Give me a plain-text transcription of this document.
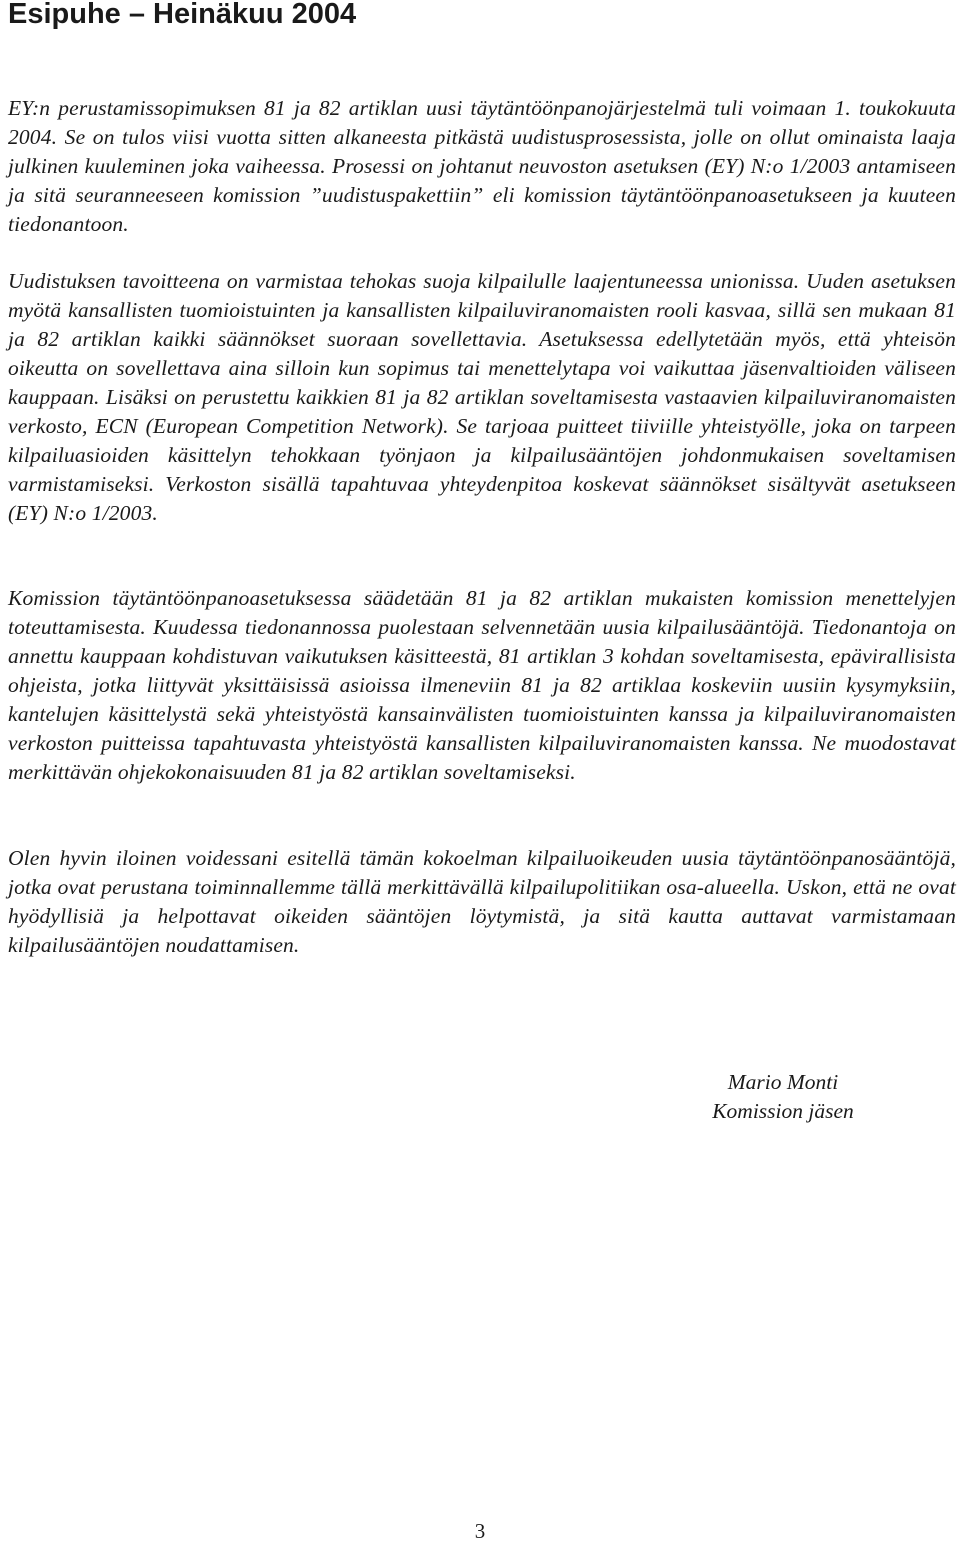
Esipuhe – Heinäkuu 2004

EY:n perustamissopimuksen 81 ja 82 artiklan uusi täytäntöönpanojärjestelmä tuli voimaan 1. toukokuuta 2004. Se on tulos viisi vuotta sitten alkaneesta pitkästä uudistusprosessista, jolle on ollut ominaista laaja julkinen kuuleminen joka vaiheessa. Prosessi on johtanut neuvoston asetuksen (EY) N:o 1/2003 antamiseen ja sitä seuranneeseen komission ”uudistuspakettiin” eli komission täytäntöönpanoasetukseen ja kuuteen tiedonantoon.

Uudistuksen tavoitteena on varmistaa tehokas suoja kilpailulle laajentuneessa unionissa. Uuden asetuksen myötä kansallisten tuomioistuinten ja kansallisten kilpailuviranomaisten rooli kasvaa, sillä sen mukaan 81 ja 82 artiklan kaikki säännökset suoraan sovellettavia. Asetuksessa edellytetään myös, että yhteisön oikeutta on sovellettava aina silloin kun sopimus tai menettelytapa voi vaikuttaa jäsenvaltioiden väliseen kauppaan. Lisäksi on perustettu kaikkien 81 ja 82 artiklan soveltamisesta vastaavien kilpailuviranomaisten verkosto, ECN (European Competition Network). Se tarjoaa puitteet tiiviille yhteistyölle, joka on tarpeen kilpailuasioiden käsittelyn tehokkaan työnjaon ja kilpailusääntöjen johdonmukaisen soveltamisen varmistamiseksi. Verkoston sisällä tapahtuvaa yhteydenpitoa koskevat säännökset sisältyvät asetukseen (EY) N:o 1/2003.

Komission täytäntöönpanoasetuksessa säädetään 81 ja 82 artiklan mukaisten komission menettelyjen toteuttamisesta. Kuudessa tiedonannossa puolestaan selvennetään uusia kilpailusääntöjä. Tiedonantoja on annettu kauppaan kohdistuvan vaikutuksen käsitteestä, 81 artiklan 3 kohdan soveltamisesta, epävirallisista ohjeista, jotka liittyvät yksittäisissä asioissa ilmeneviin 81 ja 82 artiklaa koskeviin uusiin kysymyksiin, kantelujen käsittelystä sekä yhteistyöstä kansainvälisten tuomioistuinten kanssa ja kilpailuviranomaisten verkoston puitteissa tapahtuvasta yhteistyöstä kansallisten kilpailuviranomaisten kanssa. Ne muodostavat merkittävän ohjekokonaisuuden 81 ja 82 artiklan soveltamiseksi.

Olen hyvin iloinen voidessani esitellä tämän kokoelman kilpailuoikeuden uusia täytäntöönpanosääntöjä, jotka ovat perustana toiminnallemme tällä merkittävällä kilpailupolitiikan osa-alueella. Uskon, että ne ovat hyödyllisiä ja helpottavat oikeiden sääntöjen löytymistä, ja sitä kautta auttavat varmistamaan kilpailusääntöjen noudattamisen.

Mario Monti
Komission jäsen
3
